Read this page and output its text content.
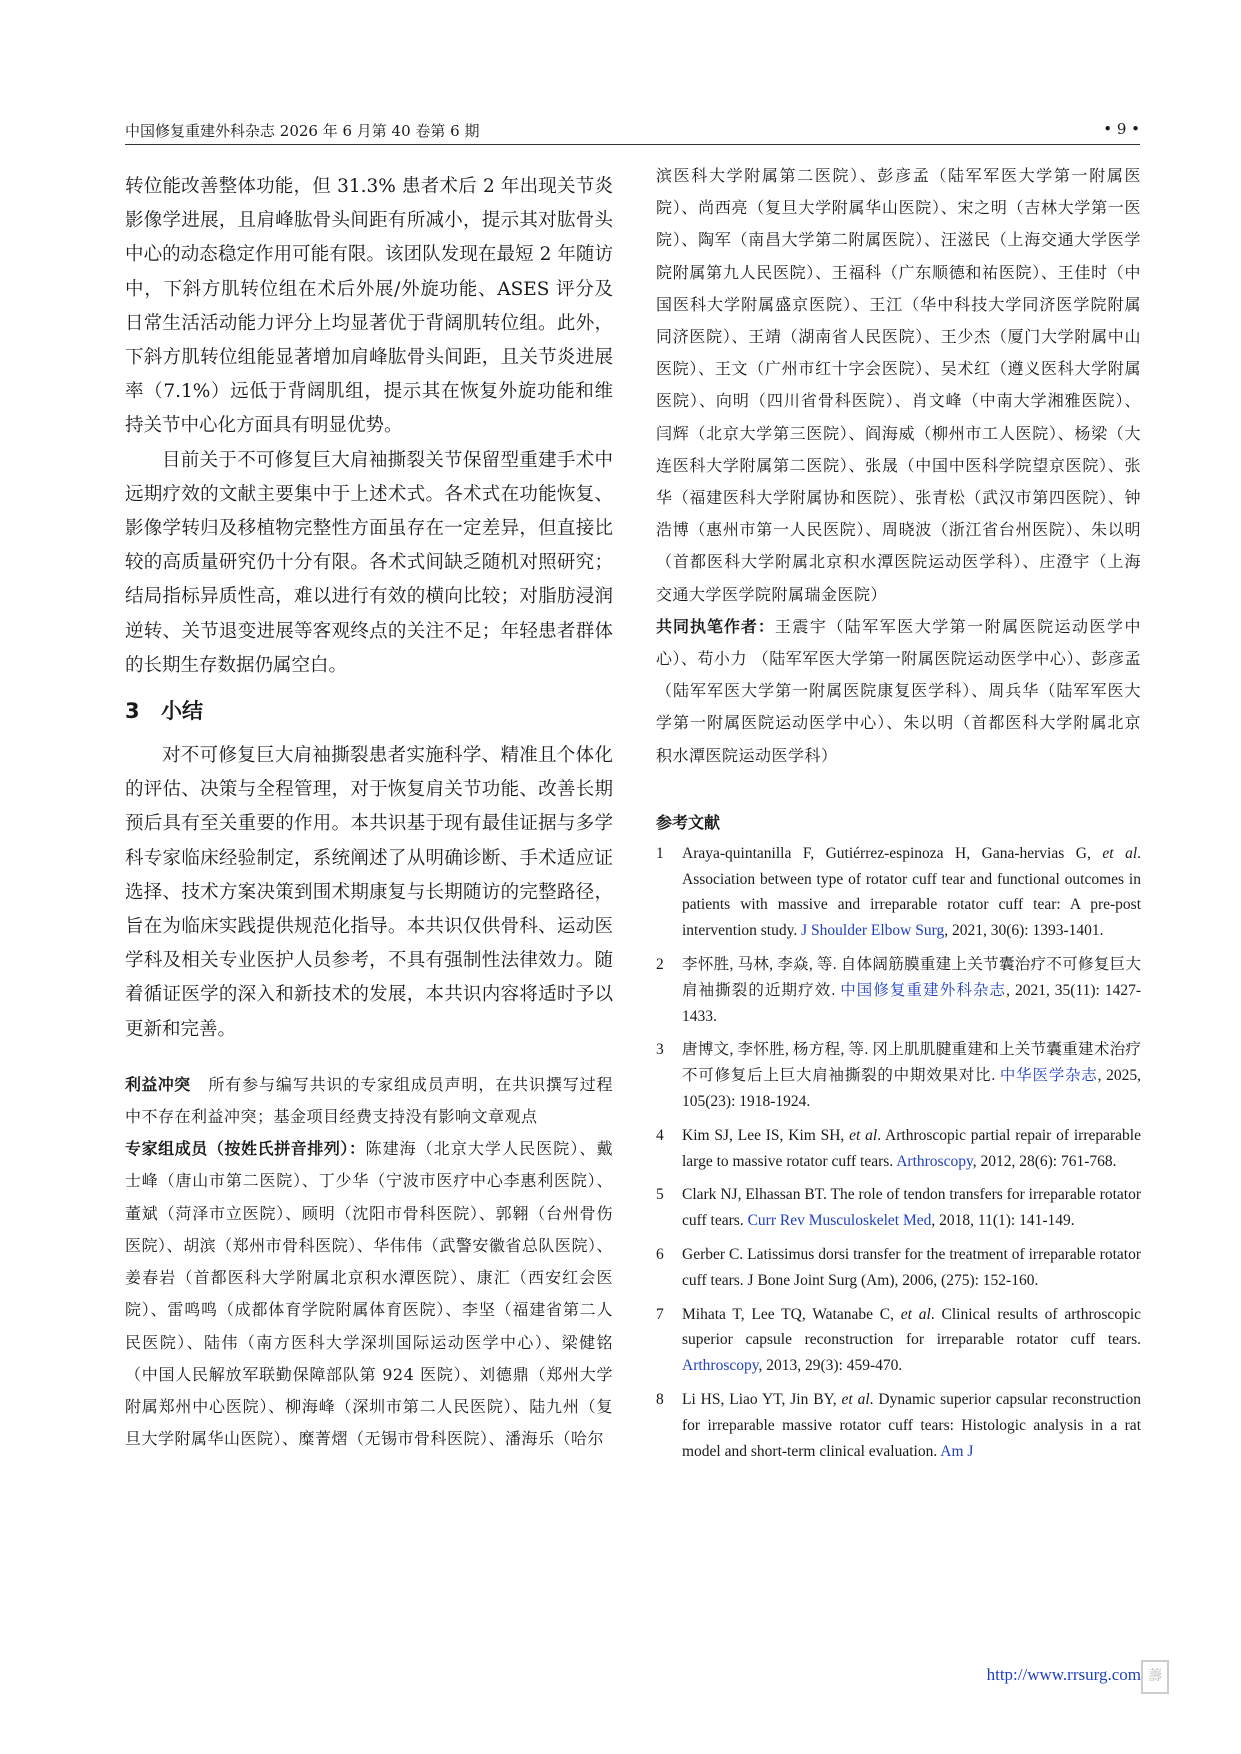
中国修复重建外科杂志 2026 年 6 月第 40 卷第 6 期	• 9 •

转位能改善整体功能，但 31.3% 患者术后 2 年出现关节炎影像学进展，且肩峰肱骨头间距有所减小，提示其对肱骨头中心的动态稳定作用可能有限。该团队发现在最短 2 年随访中，下斜方肌转位组在术后外展/外旋功能、ASES 评分及日常生活活动能力评分上均显著优于背阔肌转位组。此外，下斜方肌转位组能显著增加肩峰肱骨头间距，且关节炎进展率（7.1%）远低于背阔肌组，提示其在恢复外旋功能和维持关节中心化方面具有明显优势。

目前关于不可修复巨大肩袖撕裂关节保留型重建手术中远期疗效的文献主要集中于上述术式。各术式在功能恢复、影像学转归及移植物完整性方面虽存在一定差异，但直接比较的高质量研究仍十分有限。各术式间缺乏随机对照研究；结局指标异质性高，难以进行有效的横向比较；对脂肪浸润逆转、关节退变进展等客观终点的关注不足；年轻患者群体的长期生存数据仍属空白。

3 小结

对不可修复巨大肩袖撕裂患者实施科学、精准且个体化的评估、决策与全程管理，对于恢复肩关节功能、改善长期预后具有至关重要的作用。本共识基于现有最佳证据与多学科专家临床经验制定，系统阐述了从明确诊断、手术适应证选择、技术方案决策到围术期康复与长期随访的完整路径，旨在为临床实践提供规范化指导。本共识仅供骨科、运动医学科及相关专业医护人员参考，不具有强制性法律效力。随着循证医学的深入和新技术的发展，本共识内容将适时予以更新和完善。

利益冲突 所有参与编写共识的专家组成员声明，在共识撰写过程中不存在利益冲突；基金项目经费支持没有影响文章观点

专家组成员（按姓氏拼音排列）：陈建海（北京大学人民医院）、戴士峰（唐山市第二医院）、丁少华（宁波市医疗中心李惠利医院）、董斌（菏泽市立医院）、顾明（沈阳市骨科医院）、郭翱（台州骨伤医院）、胡滨（郑州市骨科医院）、华伟伟（武警安徽省总队医院）、姜春岩（首都医科大学附属北京积水潭医院）、康汇（西安红会医院）、雷鸣鸣（成都体育学院附属体育医院）、李坚（福建省第二人民医院）、陆伟（南方医科大学深圳国际运动医学中心）、梁健铭（中国人民解放军联勤保障部队第 924 医院）、刘德鼎（郑州大学附属郑州中心医院）、柳海峰（深圳市第二人民医院）、陆九州（复旦大学附属华山医院）、糜菁熠（无锡市骨科医院）、潘海乐（哈尔

滨医科大学附属第二医院）、彭彦孟（陆军军医大学第一附属医院）、尚西亮（复旦大学附属华山医院）、宋之明（吉林大学第一医院）、陶军（南昌大学第二附属医院）、汪滋民（上海交通大学医学院附属第九人民医院）、王福科（广东顺德和祐医院）、王佳时（中国医科大学附属盛京医院）、王江（华中科技大学同济医学院附属同济医院）、王靖（湖南省人民医院）、王少杰（厦门大学附属中山医院）、王文（广州市红十字会医院）、吴术红（遵义医科大学附属医院）、向明（四川省骨科医院）、肖文峰（中南大学湘雅医院）、闫辉（北京大学第三医院）、阎海威（柳州市工人医院）、杨梁（大连医科大学附属第二医院）、张晟（中国中医科学院望京医院）、张华（福建医科大学附属协和医院）、张青松（武汉市第四医院）、钟浩博（惠州市第一人民医院）、周晓波（浙江省台州医院）、朱以明（首都医科大学附属北京积水潭医院运动医学科）、庄澄宇（上海交通大学医学院附属瑞金医院）

共同执笔作者：王震宇（陆军军医大学第一附属医院运动医学中心）、苟小力 （陆军军医大学第一附属医院运动医学中心）、彭彦孟（陆军军医大学第一附属医院康复医学科）、周兵华（陆军军医大学第一附属医院运动医学中心）、朱以明（首都医科大学附属北京积水潭医院运动医学科）

参考文献

1 Araya-quintanilla F, Gutiérrez-espinoza H, Gana-hervias G, et al. Association between type of rotator cuff tear and functional outcomes in patients with massive and irreparable rotator cuff tear: A pre-post intervention study. J Shoulder Elbow Surg, 2021, 30(6): 1393-1401.

2 李怀胜, 马林, 李焱, 等. 自体阔筋膜重建上关节囊治疗不可修复巨大肩袖撕裂的近期疗效. 中国修复重建外科杂志, 2021, 35(11): 1427-1433.

3 唐博文, 李怀胜, 杨方程, 等. 冈上肌肌腱重建和上关节囊重建术治疗不可修复后上巨大肩袖撕裂的中期效果对比. 中华医学杂志, 2025, 105(23): 1918-1924.

4 Kim SJ, Lee IS, Kim SH, et al. Arthroscopic partial repair of irreparable large to massive rotator cuff tears. Arthroscopy, 2012, 28(6): 761-768.

5 Clark NJ, Elhassan BT. The role of tendon transfers for irreparable rotator cuff tears. Curr Rev Musculoskelet Med, 2018, 11(1): 141-149.

6 Gerber C. Latissimus dorsi transfer for the treatment of irreparable rotator cuff tears. J Bone Joint Surg (Am), 2006, (275): 152-160.

7 Mihata T, Lee TQ, Watanabe C, et al. Clinical results of arthroscopic superior capsule reconstruction for irreparable rotator cuff tears. Arthroscopy, 2013, 29(3): 459-470.

8 Li HS, Liao YT, Jin BY, et al. Dynamic superior capsular reconstruction for irreparable massive rotator cuff tears: Histologic analysis in a rat model and short-term clinical evaluation. Am J

http://www.rrsurg.com 薵
